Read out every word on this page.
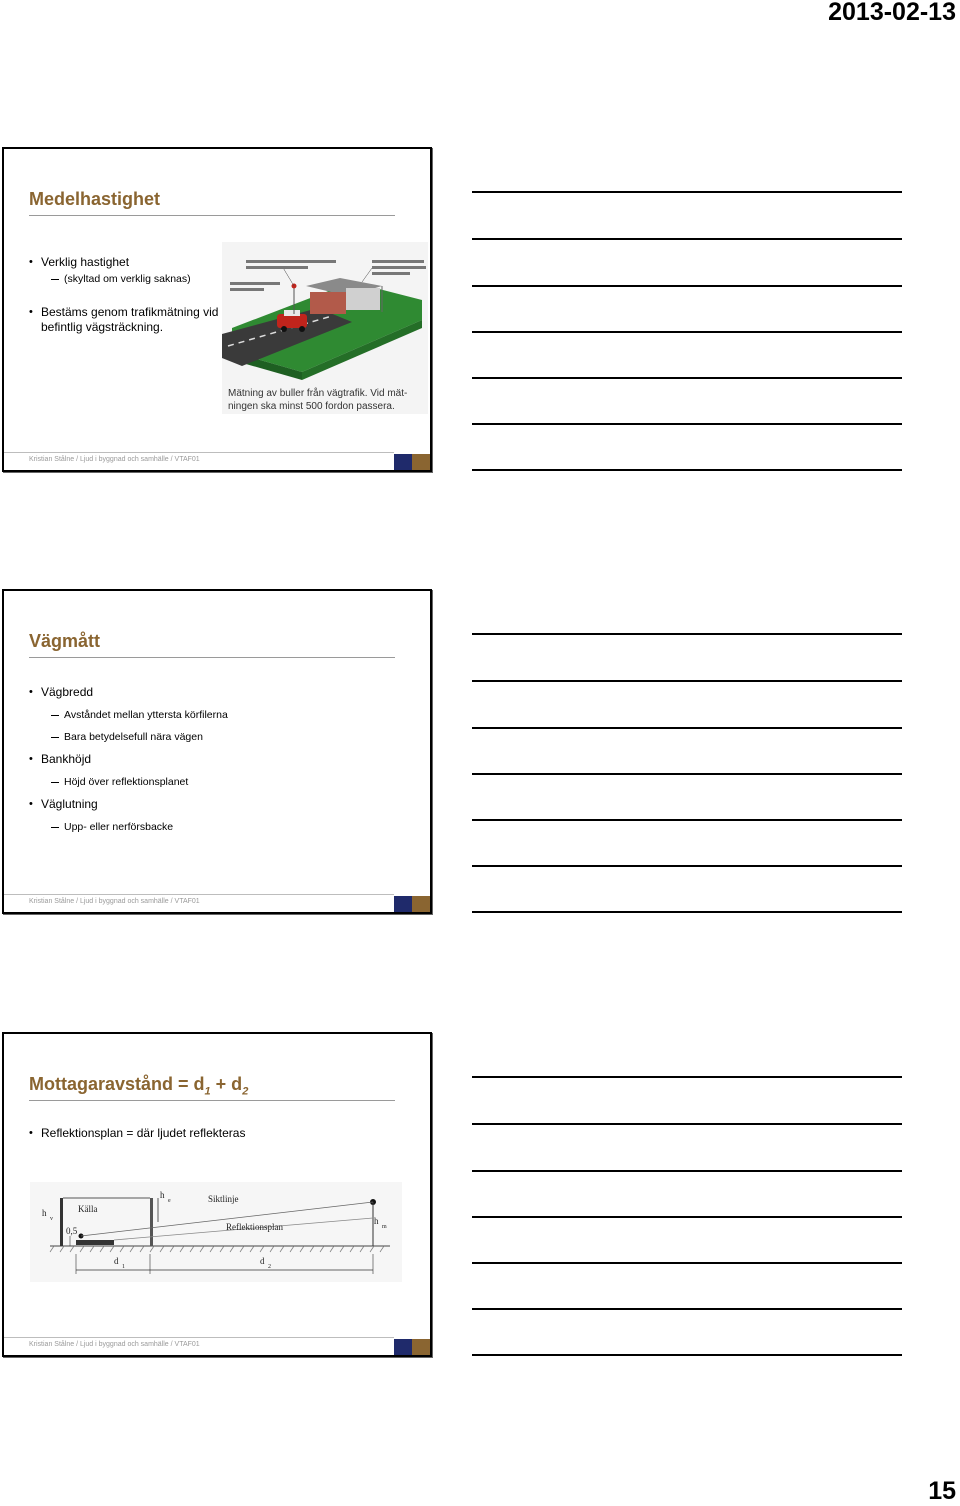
2013-02-13
Medelhastighet
• Verklig hastighet
(skyltad om verklig saknas)
• Bestäms genom trafikmätning vid befintlig vägsträckning.
Mätning av buller från vägtrafik. Vid mät-
ningen ska minst 500 fordon passera.
Kristian Stålne / Ljud i byggnad och samhälle / VTAF01
Vägmått
• Vägbredd
Avståndet mellan yttersta körfilerna
Bara betydelsefull nära vägen
• Bankhöjd
Höjd över reflektionsplanet
• Väglutning
Upp- eller nerförsbacke
Kristian Stålne / Ljud i byggnad och samhälle / VTAF01
Mottagaravstånd = $d_1 + d_2$
• Reflektionsplan = där ljudet reflekteras
h
v
Källa
0,5
h
e	Siktlinje
Reflektionsplan
h
m
d
1
d
2
Kristian Stålne / Ljud i byggnad och samhälle / VTAF01
15
